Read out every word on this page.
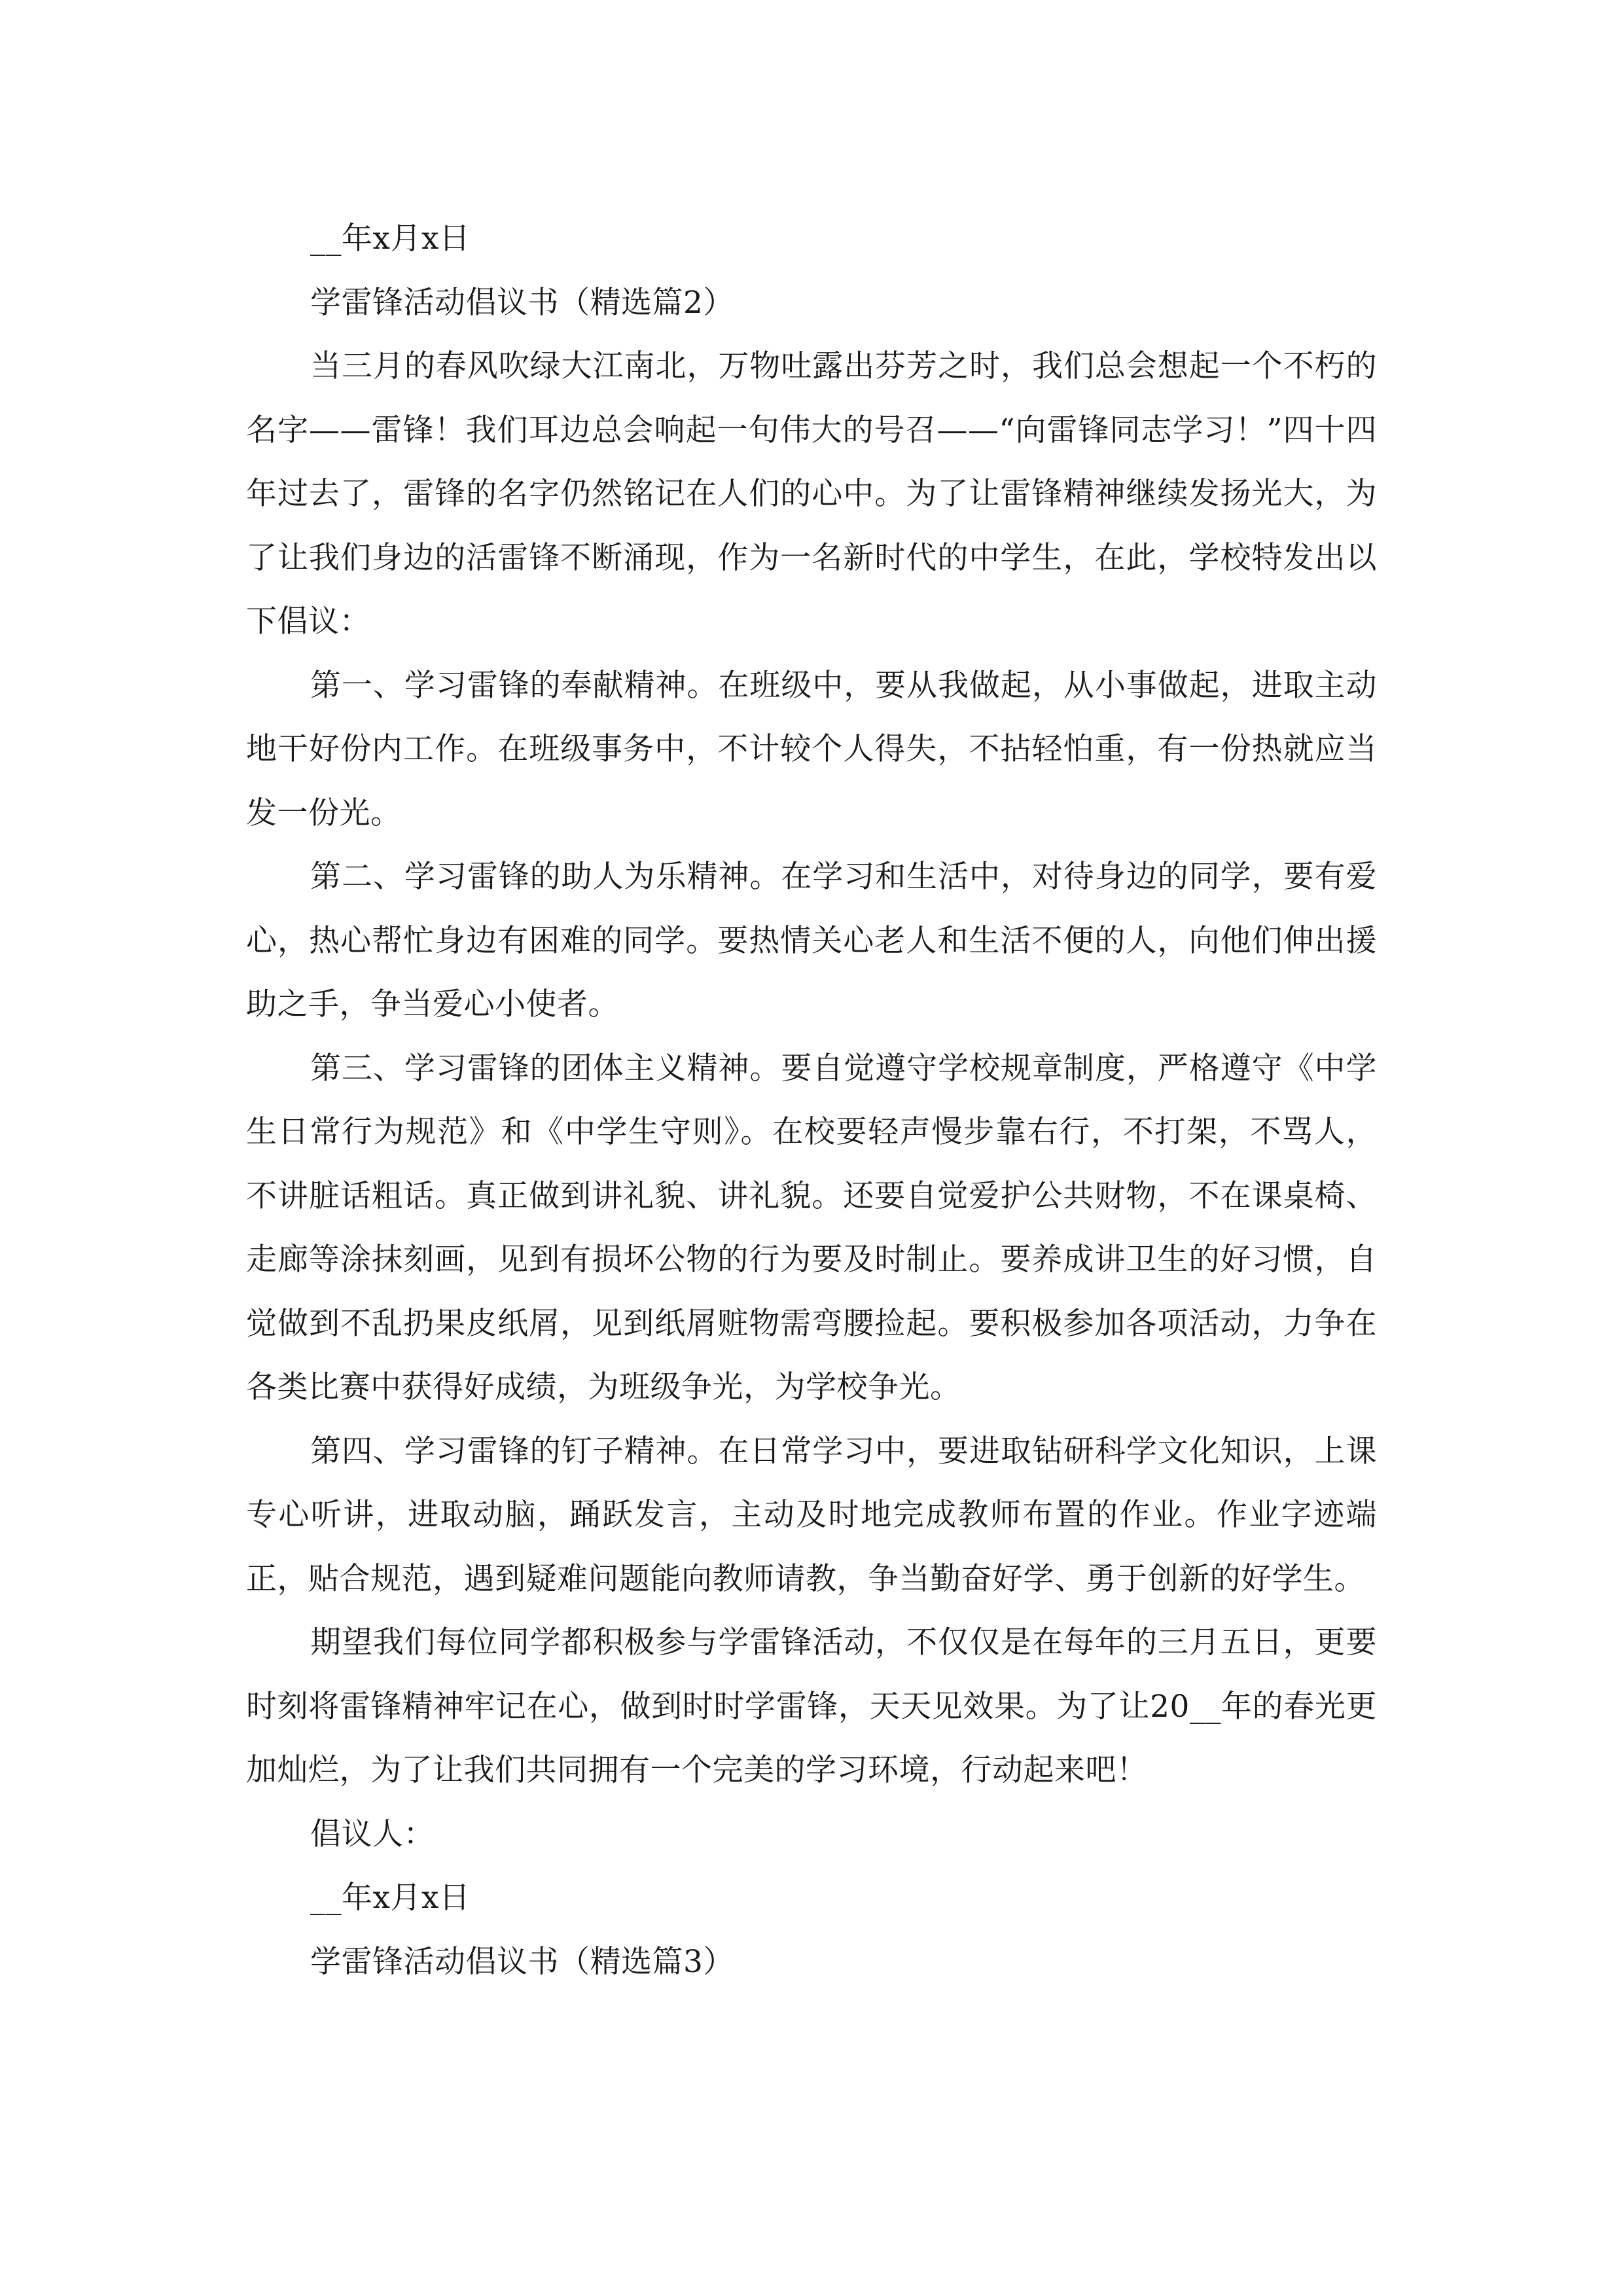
__年x月x日

学雷锋活动倡议书（精选篇2）

当三月的春风吹绿大江南北，万物吐露出芬芳之时，我们总会想起一个不朽的名字——雷锋！我们耳边总会响起一句伟大的号召——“向雷锋同志学习！”四十四年过去了，雷锋的名字仍然铭记在人们的心中。为了让雷锋精神继续发扬光大，为了让我们身边的活雷锋不断涌现，作为一名新时代的中学生，在此，学校特发出以下倡议：

第一、学习雷锋的奉献精神。在班级中，要从我做起，从小事做起，进取主动地干好份内工作。在班级事务中，不计较个人得失，不拈轻怕重，有一份热就应当发一份光。

第二、学习雷锋的助人为乐精神。在学习和生活中，对待身边的同学，要有爱心，热心帮忙身边有困难的同学。要热情关心老人和生活不便的人，向他们伸出援助之手，争当爱心小使者。

第三、学习雷锋的团体主义精神。要自觉遵守学校规章制度，严格遵守《中学生日常行为规范》和《中学生守则》。在校要轻声慢步靠右行，不打架，不骂人，不讲脏话粗话。真正做到讲礼貌、讲礼貌。还要自觉爱护公共财物，不在课桌椅、走廊等涂抹刻画，见到有损坏公物的行为要及时制止。要养成讲卫生的好习惯，自觉做到不乱扔果皮纸屑，见到纸屑赃物需弯腰捡起。要积极参加各项活动，力争在各类比赛中获得好成绩，为班级争光，为学校争光。

第四、学习雷锋的钉子精神。在日常学习中，要进取钻研科学文化知识，上课专心听讲，进取动脑，踊跃发言，主动及时地完成教师布置的作业。作业字迹端正，贴合规范，遇到疑难问题能向教师请教，争当勤奋好学、勇于创新的好学生。

期望我们每位同学都积极参与学雷锋活动，不仅仅是在每年的三月五日，更要时刻将雷锋精神牢记在心，做到时时学雷锋，天天见效果。为了让20__年的春光更加灿烂，为了让我们共同拥有一个完美的学习环境，行动起来吧！

倡议人：

__年x月x日

学雷锋活动倡议书（精选篇3）
